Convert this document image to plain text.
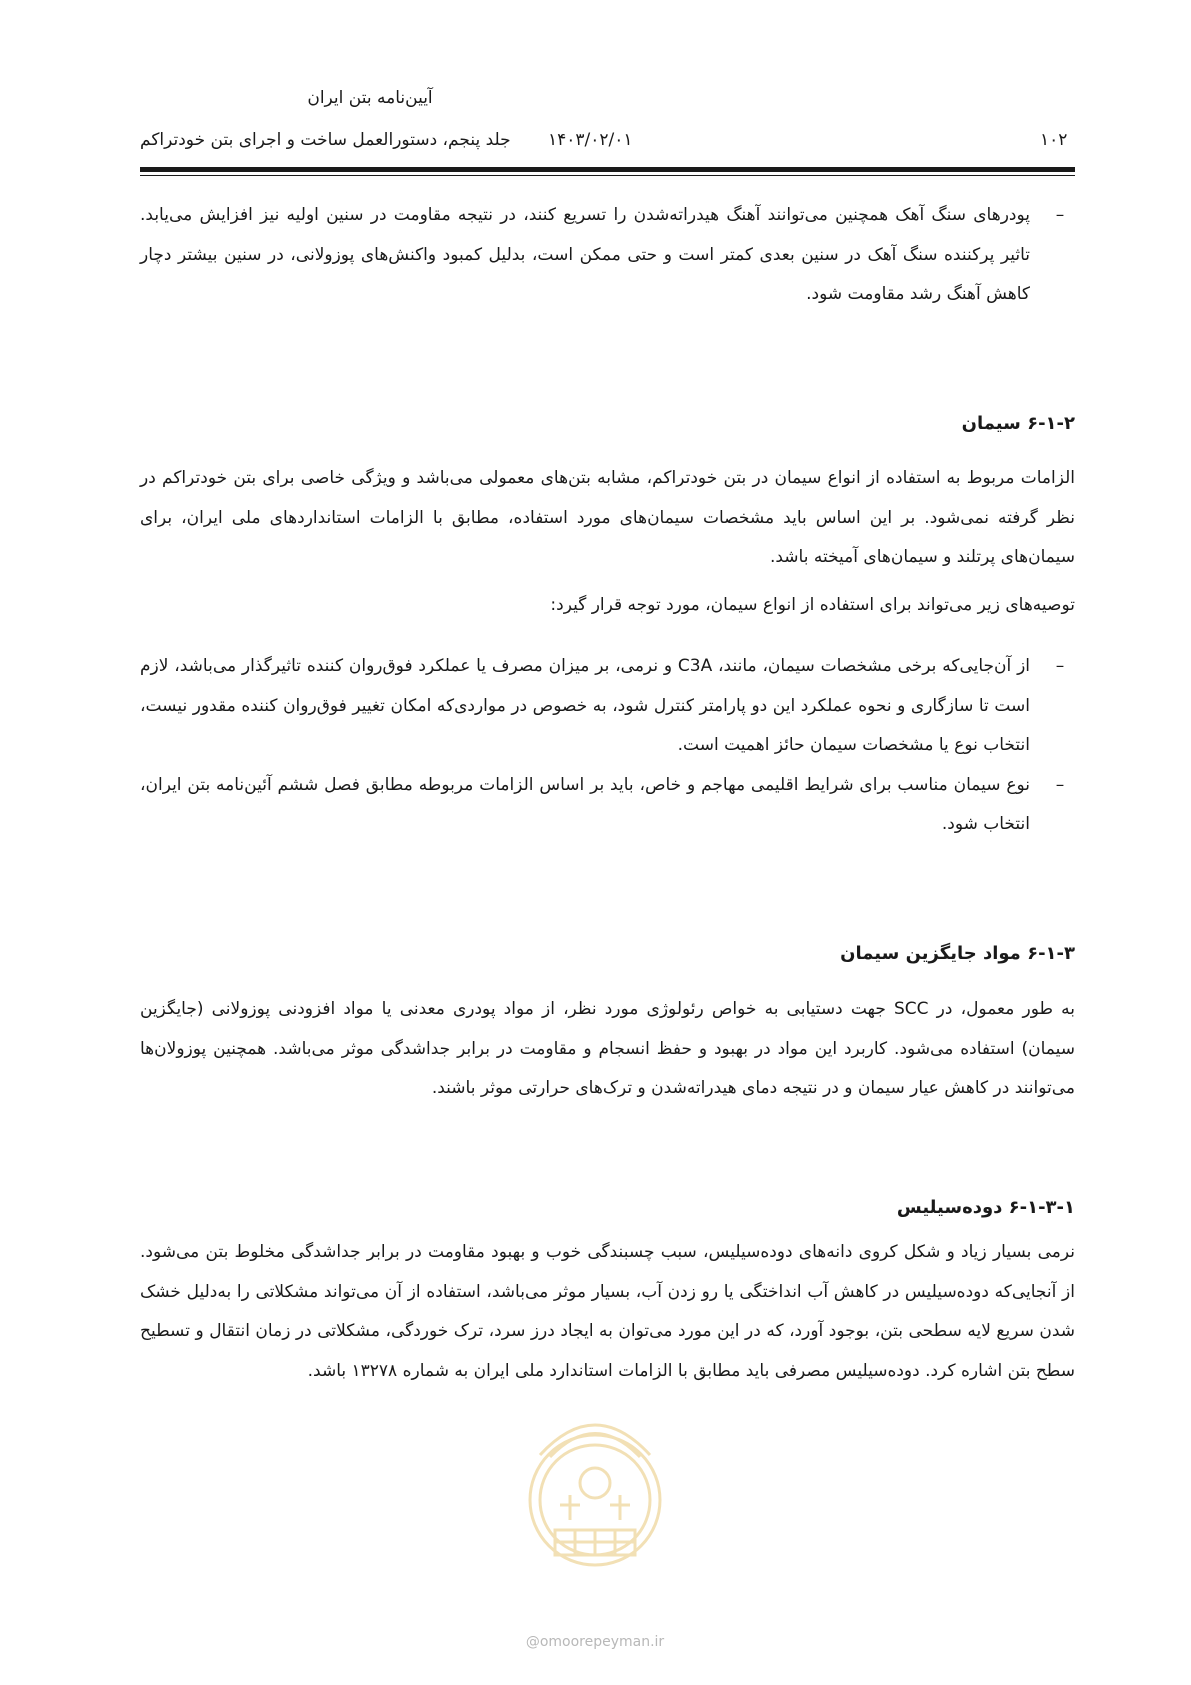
آیین‌نامه بتن ایران
جلد پنجم، دستورالعمل ساخت و اجرای بتن خودتراکم ۱۴۰۳/۰۲/۰۱	۱۰۲
–
پودرهای سنگ آهک همچنین می‌توانند آهنگ هیدراته‌شدن را تسریع کنند، در نتیجه مقاومت در سنین اولیه نیز افزایش می‌یابد. تاثیر پرکننده سنگ آهک در سنین بعدی کمتر است و حتی ممکن است، بدلیل کمبود واکنش‌های پوزولانی، در سنین بیشتر دچار کاهش آهنگ رشد مقاومت شود.
۶-۱-۲ سیمان
الزامات مربوط به استفاده از انواع سیمان در بتن خودتراکم، مشابه بتن‌های معمولی می‌باشد و ویژگی خاصی برای بتن خودتراکم در نظر گرفته نمی‌شود. بر این اساس باید مشخصات سیمان‌های مورد استفاده، مطابق با الزامات استانداردهای ملی ایران، برای سیمان‌های پرتلند و سیمان‌های آمیخته باشد.
توصیه‌های زیر می‌تواند برای استفاده از انواع سیمان، مورد توجه قرار گیرد:
–
از آن‌جایی‌که برخی مشخصات سیمان، مانند، C3A و نرمی، بر میزان مصرف یا عملکرد فوق‌روان کننده تاثیرگذار می‌باشد، لازم است تا سازگاری و نحوه عملکرد این دو پارامتر کنترل شود، به خصوص در مواردی‌که امکان تغییر فوق‌روان کننده مقدور نیست، انتخاب نوع یا مشخصات سیمان حائز اهمیت است.
–
نوع سیمان مناسب برای شرایط اقلیمی مهاجم و خاص، باید بر اساس الزامات مربوطه مطابق فصل ششم آئین‌نامه بتن ایران، انتخاب شود.
۶-۱-۳ مواد جایگزین سیمان
به طور معمول، در SCC جهت دستیابی به خواص رئولوژی مورد نظر، از مواد پودری معدنی یا مواد افزودنی پوزولانی (جایگزین سیمان) استفاده می‌شود. کاربرد این مواد در بهبود و حفظ انسجام و مقاومت در برابر جداشدگی موثر می‌باشد. همچنین پوزولان‌ها می‌توانند در کاهش عیار سیمان و در نتیجه دمای هیدراته‌شدن و ترک‌های حرارتی موثر باشند.
۶-۱-۳-۱ دوده‌سیلیس
نرمی بسیار زیاد و شکل کروی دانه‌های دوده‌سیلیس، سبب چسبندگی خوب و بهبود مقاومت در برابر جداشدگی مخلوط بتن می‌شود. از آنجایی‌که دوده‌سیلیس در کاهش آب انداختگی یا رو زدن آب، بسیار موثر می‌باشد، استفاده از آن می‌تواند مشکلاتی را به‌دلیل خشک شدن سریع لایه سطحی بتن، بوجود آورد، که در این مورد می‌توان به ایجاد درز سرد، ترک خوردگی، مشکلاتی در زمان انتقال و تسطیح سطح بتن اشاره کرد. دوده‌سیلیس مصرفی باید مطابق با الزامات استاندارد ملی ایران به شماره ۱۳۲۷۸ باشد.
@omoorepeyman.ir
